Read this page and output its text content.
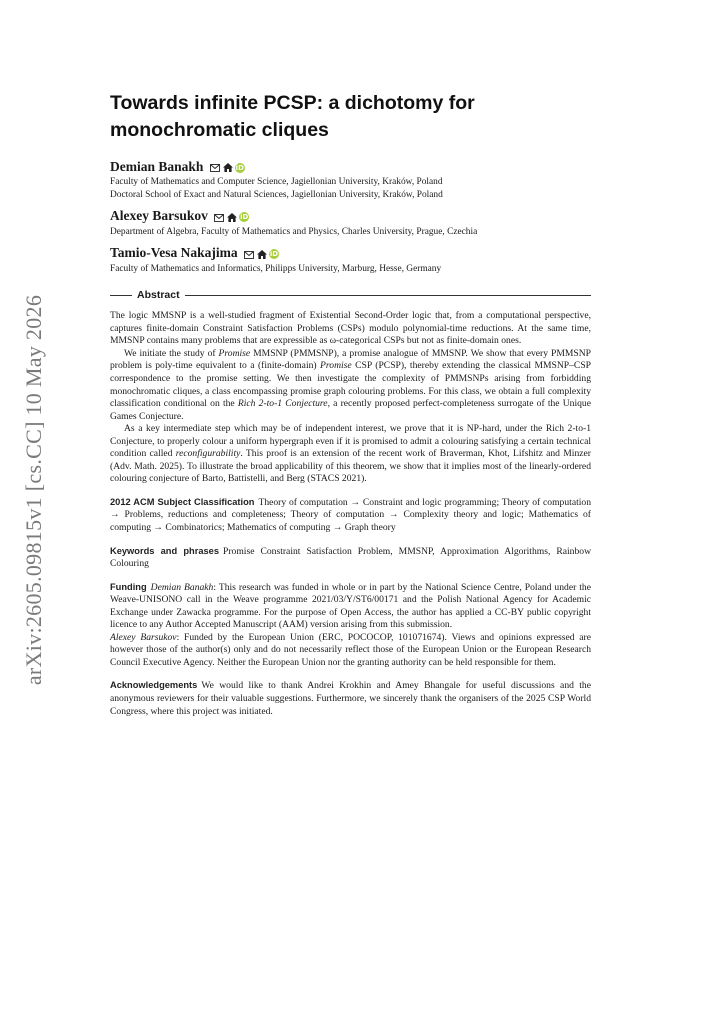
arXiv:2605.09815v1 [cs.CC] 10 May 2026
Towards infinite PCSP: a dichotomy for
monochromatic cliques
Demian Banakh	iD
Faculty of Mathematics and Computer Science, Jagiellonian University, Kraków, Poland
Doctoral School of Exact and Natural Sciences, Jagiellonian University, Kraków, Poland
Alexey Barsukov	iD
Department of Algebra, Faculty of Mathematics and Physics, Charles University, Prague, Czechia
Tamio-Vesa Nakajima	iD
Faculty of Mathematics and Informatics, Philipps University, Marburg, Hesse, Germany
Abstract

The logic MMSNP is a well-studied fragment of Existential Second-Order logic that, from a computational perspective, captures finite-domain Constraint Satisfaction Problems (CSPs) modulo polynomial-time reductions. At the same time, MMSNP contains many problems that are expressible as ω-categorical CSPs but not as finite-domain ones.

We initiate the study of Promise MMSNP (PMMSNP), a promise analogue of MMSNP. We show that every PMMSNP problem is poly-time equivalent to a (finite-domain) Promise CSP (PCSP), thereby extending the classical MMSNP–CSP correspondence to the promise setting. We then investigate the complexity of PMMSNPs arising from forbidding monochromatic cliques, a class encompassing promise graph colouring problems. For this class, we obtain a full complexity classification conditional on the Rich 2-to-1 Conjecture, a recently proposed perfect-completeness surrogate of the Unique Games Conjecture.

As a key intermediate step which may be of independent interest, we prove that it is NP-hard, under the Rich 2-to-1 Conjecture, to properly colour a uniform hypergraph even if it is promised to admit a colouring satisfying a certain technical condition called reconfigurability. This proof is an extension of the recent work of Braverman, Khot, Lifshitz and Minzer (Adv. Math. 2025). To illustrate the broad applicability of this theorem, we show that it implies most of the linearly-ordered colouring conjecture of Barto, Battistelli, and Berg (STACS 2021).

2012 ACM Subject Classification Theory of computation → Constraint and logic programming; Theory of computation → Problems, reductions and completeness; Theory of computation → Complexity theory and logic; Mathematics of computing → Combinatorics; Mathematics of computing → Graph theory

Keywords and phrases Promise Constraint Satisfaction Problem, MMSNP, Approximation Algorithms, Rainbow Colouring

Funding Demian Banakh: This research was funded in whole or in part by the National Science Centre, Poland under the Weave-UNISONO call in the Weave programme 2021/03/Y/ST6/00171 and the Polish National Agency for Academic Exchange under Zawacka programme. For the purpose of Open Access, the author has applied a CC-BY public copyright licence to any Author Accepted Manuscript (AAM) version arising from this submission.
Alexey Barsukov: Funded by the European Union (ERC, POCOCOP, 101071674). Views and opinions expressed are however those of the author(s) only and do not necessarily reflect those of the European Union or the European Research Council Executive Agency. Neither the European Union nor the granting authority can be held responsible for them.

Acknowledgements We would like to thank Andrei Krokhin and Amey Bhangale for useful discussions and the anonymous reviewers for their valuable suggestions. Furthermore, we sincerely thank the organisers of the 2025 CSP World Congress, where this project was initiated.
